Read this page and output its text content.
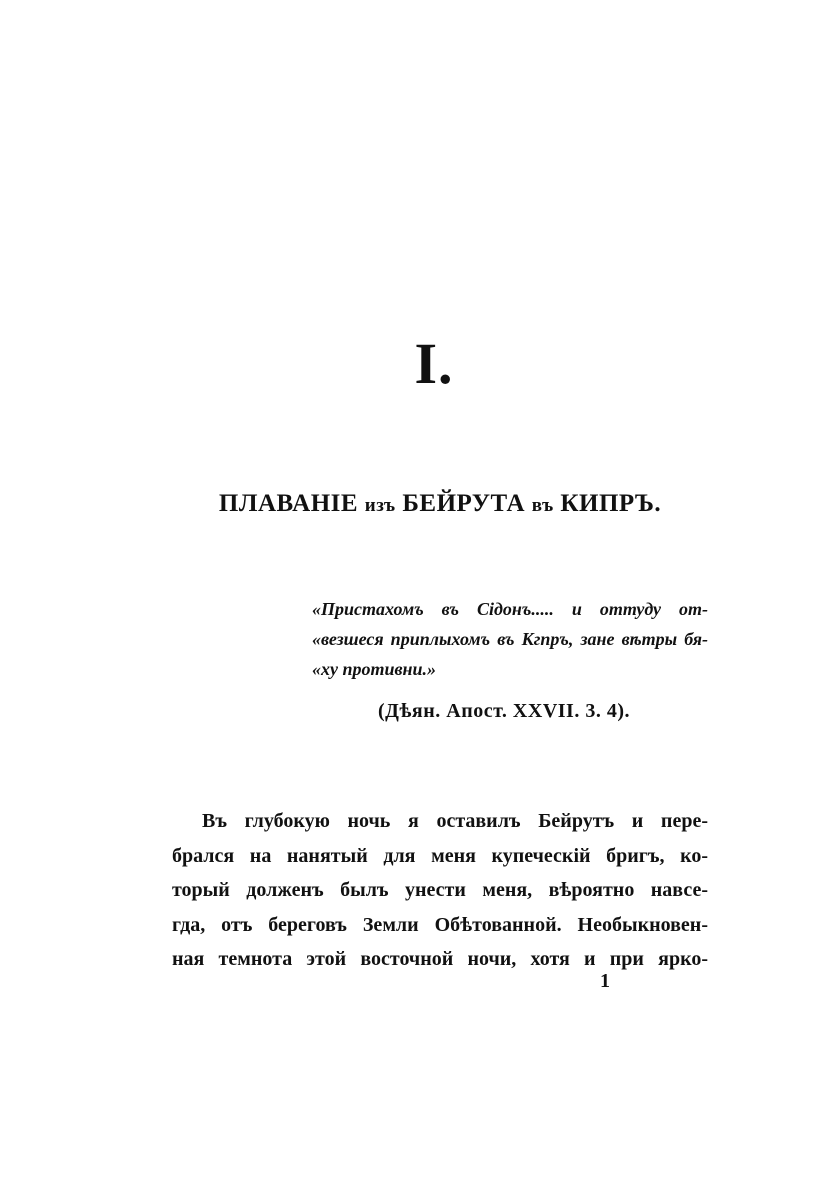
I.
ПЛАВАНІЕ изъ БЕЙРУТА въ КИПРЪ.
«Пристахомъ въ Сідонъ..... и оттуду от-
«везшеся приплыхомъ въ Кгпръ, зане вѣтры бя-
«ху противни.»
(Дѣян. Апост. XXVII. 3. 4).
Въ глубокую ночь я оставилъ Бейрутъ и пере-
брался на нанятый для меня купеческій бригъ, ко-
торый долженъ былъ унести меня, вѣроятно навсе-
гда, отъ береговъ Земли Обѣтованной. Необыкновен-
ная темнота этой восточной ночи, хотя и при ярко-
1
